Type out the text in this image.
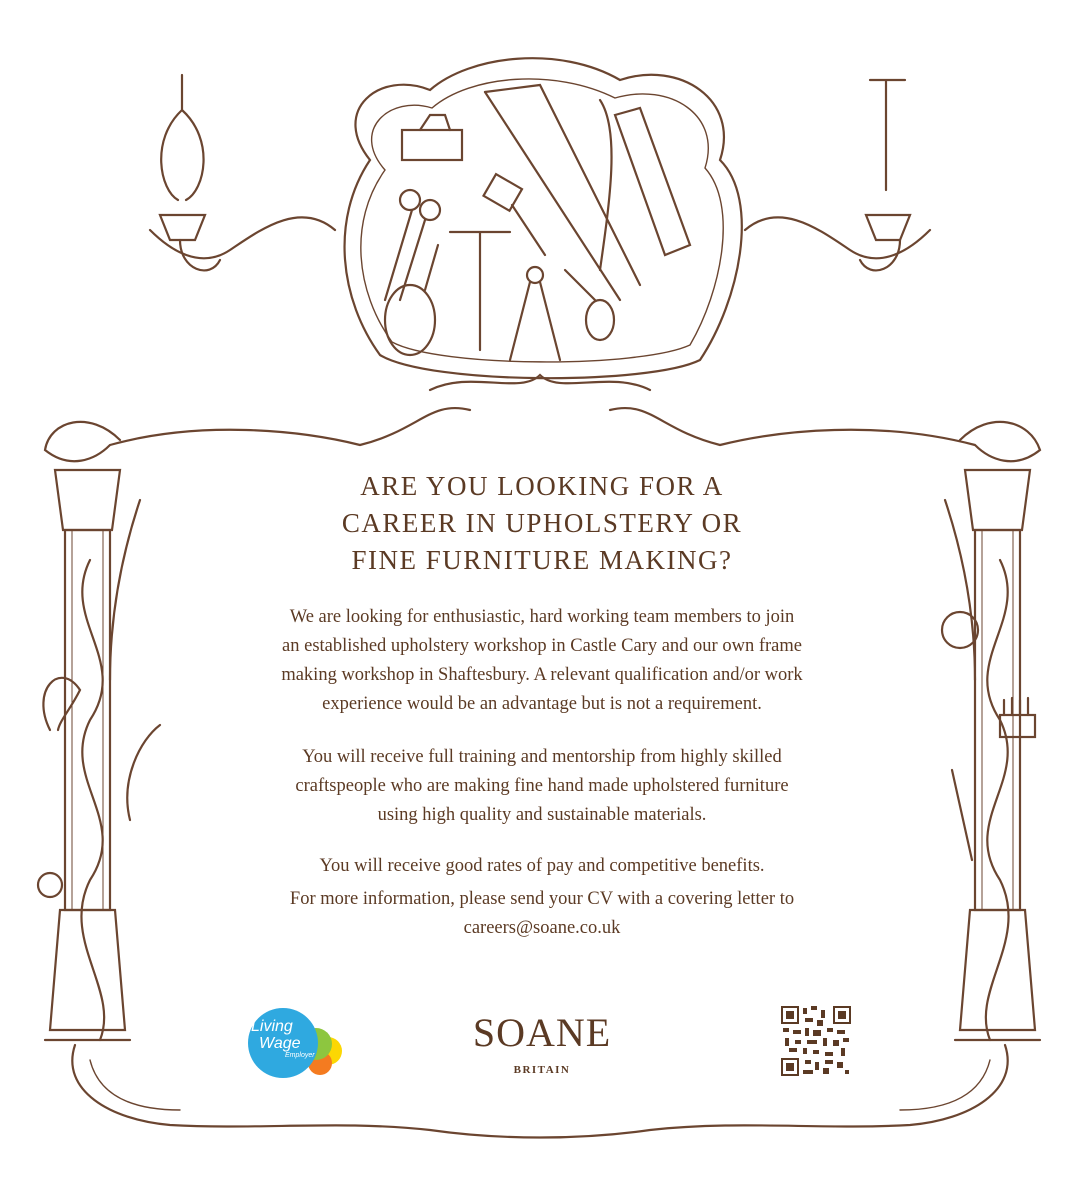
ARE YOU LOOKING FOR A
CAREER IN UPHOLSTERY OR
FINE FURNITURE MAKING?

We are looking for enthusiastic, hard working team members to join
an established upholstery workshop in Castle Cary and our own frame
making workshop in Shaftesbury. A relevant qualification and/or work
experience would be an advantage but is not a requirement.

You will receive full training and mentorship from highly skilled
craftspeople who are making fine hand made upholstered furniture
using high quality and sustainable materials.

You will receive good rates of pay and competitive benefits.

For more information, please send your CV with a covering letter to
careers@soane.co.uk

Living
Wage
Employer
SOANE
BRITAIN
